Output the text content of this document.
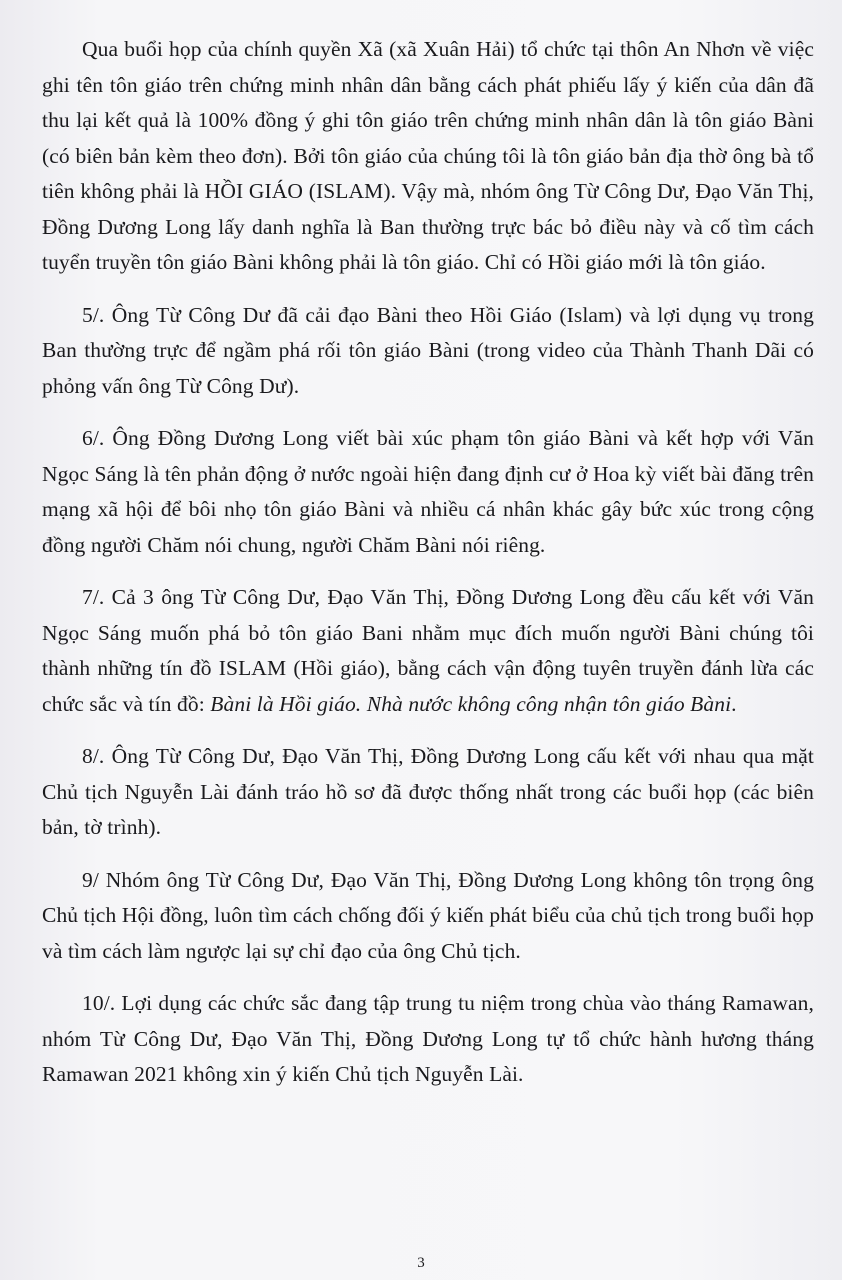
Qua buổi họp của chính quyền Xã (xã Xuân Hải) tổ chức tại thôn An Nhơn về việc ghi tên tôn giáo trên chứng minh nhân dân bằng cách phát phiếu lấy ý kiến của dân đã thu lại kết quả là 100% đồng ý ghi tôn giáo trên chứng minh nhân dân là tôn giáo Bàni (có biên bản kèm theo đơn). Bởi tôn giáo của chúng tôi là tôn giáo bản địa thờ ông bà tổ tiên không phải là HỒI GIÁO (ISLAM). Vậy mà, nhóm ông Từ Công Dư, Đạo Văn Thị, Đồng Dương Long lấy danh nghĩa là Ban thường trực bác bỏ điều này và cố tìm cách tuyển truyền tôn giáo Bàni không phải là tôn giáo. Chỉ có Hồi giáo mới là tôn giáo.

5/. Ông Từ Công Dư đã cải đạo Bàni theo Hồi Giáo (Islam) và lợi dụng vụ trong Ban thường trực để ngầm phá rối tôn giáo Bàni (trong video của Thành Thanh Dãi có phỏng vấn ông Từ Công Dư).

6/. Ông Đồng Dương Long viết bài xúc phạm tôn giáo Bàni và kết hợp với Văn Ngọc Sáng là tên phản động ở nước ngoài hiện đang định cư ở Hoa kỳ viết bài đăng trên mạng xã hội để bôi nhọ tôn giáo Bàni và nhiều cá nhân khác gây bức xúc trong cộng đồng người Chăm nói chung, người Chăm Bàni nói riêng.

7/. Cả 3 ông Từ Công Dư, Đạo Văn Thị, Đồng Dương Long đều cấu kết với Văn Ngọc Sáng muốn phá bỏ tôn giáo Bani nhằm mục đích muốn người Bàni chúng tôi thành những tín đồ ISLAM (Hồi giáo), bằng cách vận động tuyên truyền đánh lừa các chức sắc và tín đồ: Bàni là Hồi giáo. Nhà nước không công nhận tôn giáo Bàni.

8/. Ông Từ Công Dư, Đạo Văn Thị, Đồng Dương Long cấu kết với nhau qua mặt Chủ tịch Nguyễn Lài đánh tráo hồ sơ đã được thống nhất trong các buổi họp (các biên bản, tờ trình).

9/ Nhóm ông Từ Công Dư, Đạo Văn Thị, Đồng Dương Long không tôn trọng ông Chủ tịch Hội đồng, luôn tìm cách chống đối ý kiến phát biểu của chủ tịch trong buổi họp và tìm cách làm ngược lại sự chỉ đạo của ông Chủ tịch.

10/. Lợi dụng các chức sắc đang tập trung tu niệm trong chùa vào tháng Ramawan, nhóm Từ Công Dư, Đạo Văn Thị, Đồng Dương Long tự tổ chức hành hương tháng Ramawan 2021 không xin ý kiến Chủ tịch Nguyễn Lài.

3
